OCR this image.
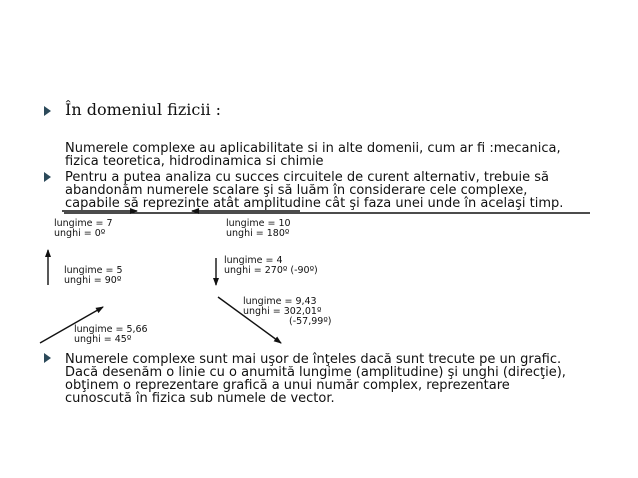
În domeniul fizicii :

Numerele complexe au aplicabilitate si in alte domenii, cum ar fi :mecanica,
fizica teoretica, hidrodinamica si chimie

Pentru a putea analiza cu succes circuitele de curent alternativ, trebuie să
abandonăm numerele scalare şi să luăm în considerare cele complexe,
capabile să reprezinte atât amplitudine cât şi faza unei unde în acelaşi timp.

lungime = 7
unghi = 0º

lungime = 10
unghi = 180º

lungime = 5
unghi = 90º

lungime = 4
unghi = 270º (-90º)

lungime = 9,43
unghi = 302,01º
(-57,99º)

lungime = 5,66
unghi = 45º

Numerele complexe sunt mai uşor de înţeles dacă sunt trecute pe un grafic.
Dacă desenăm o linie cu o anumită lungime (amplitudine) şi unghi (direcţie),
obţinem o reprezentare grafică a unui număr complex, reprezentare
cunoscută în fizica sub numele de vector.
